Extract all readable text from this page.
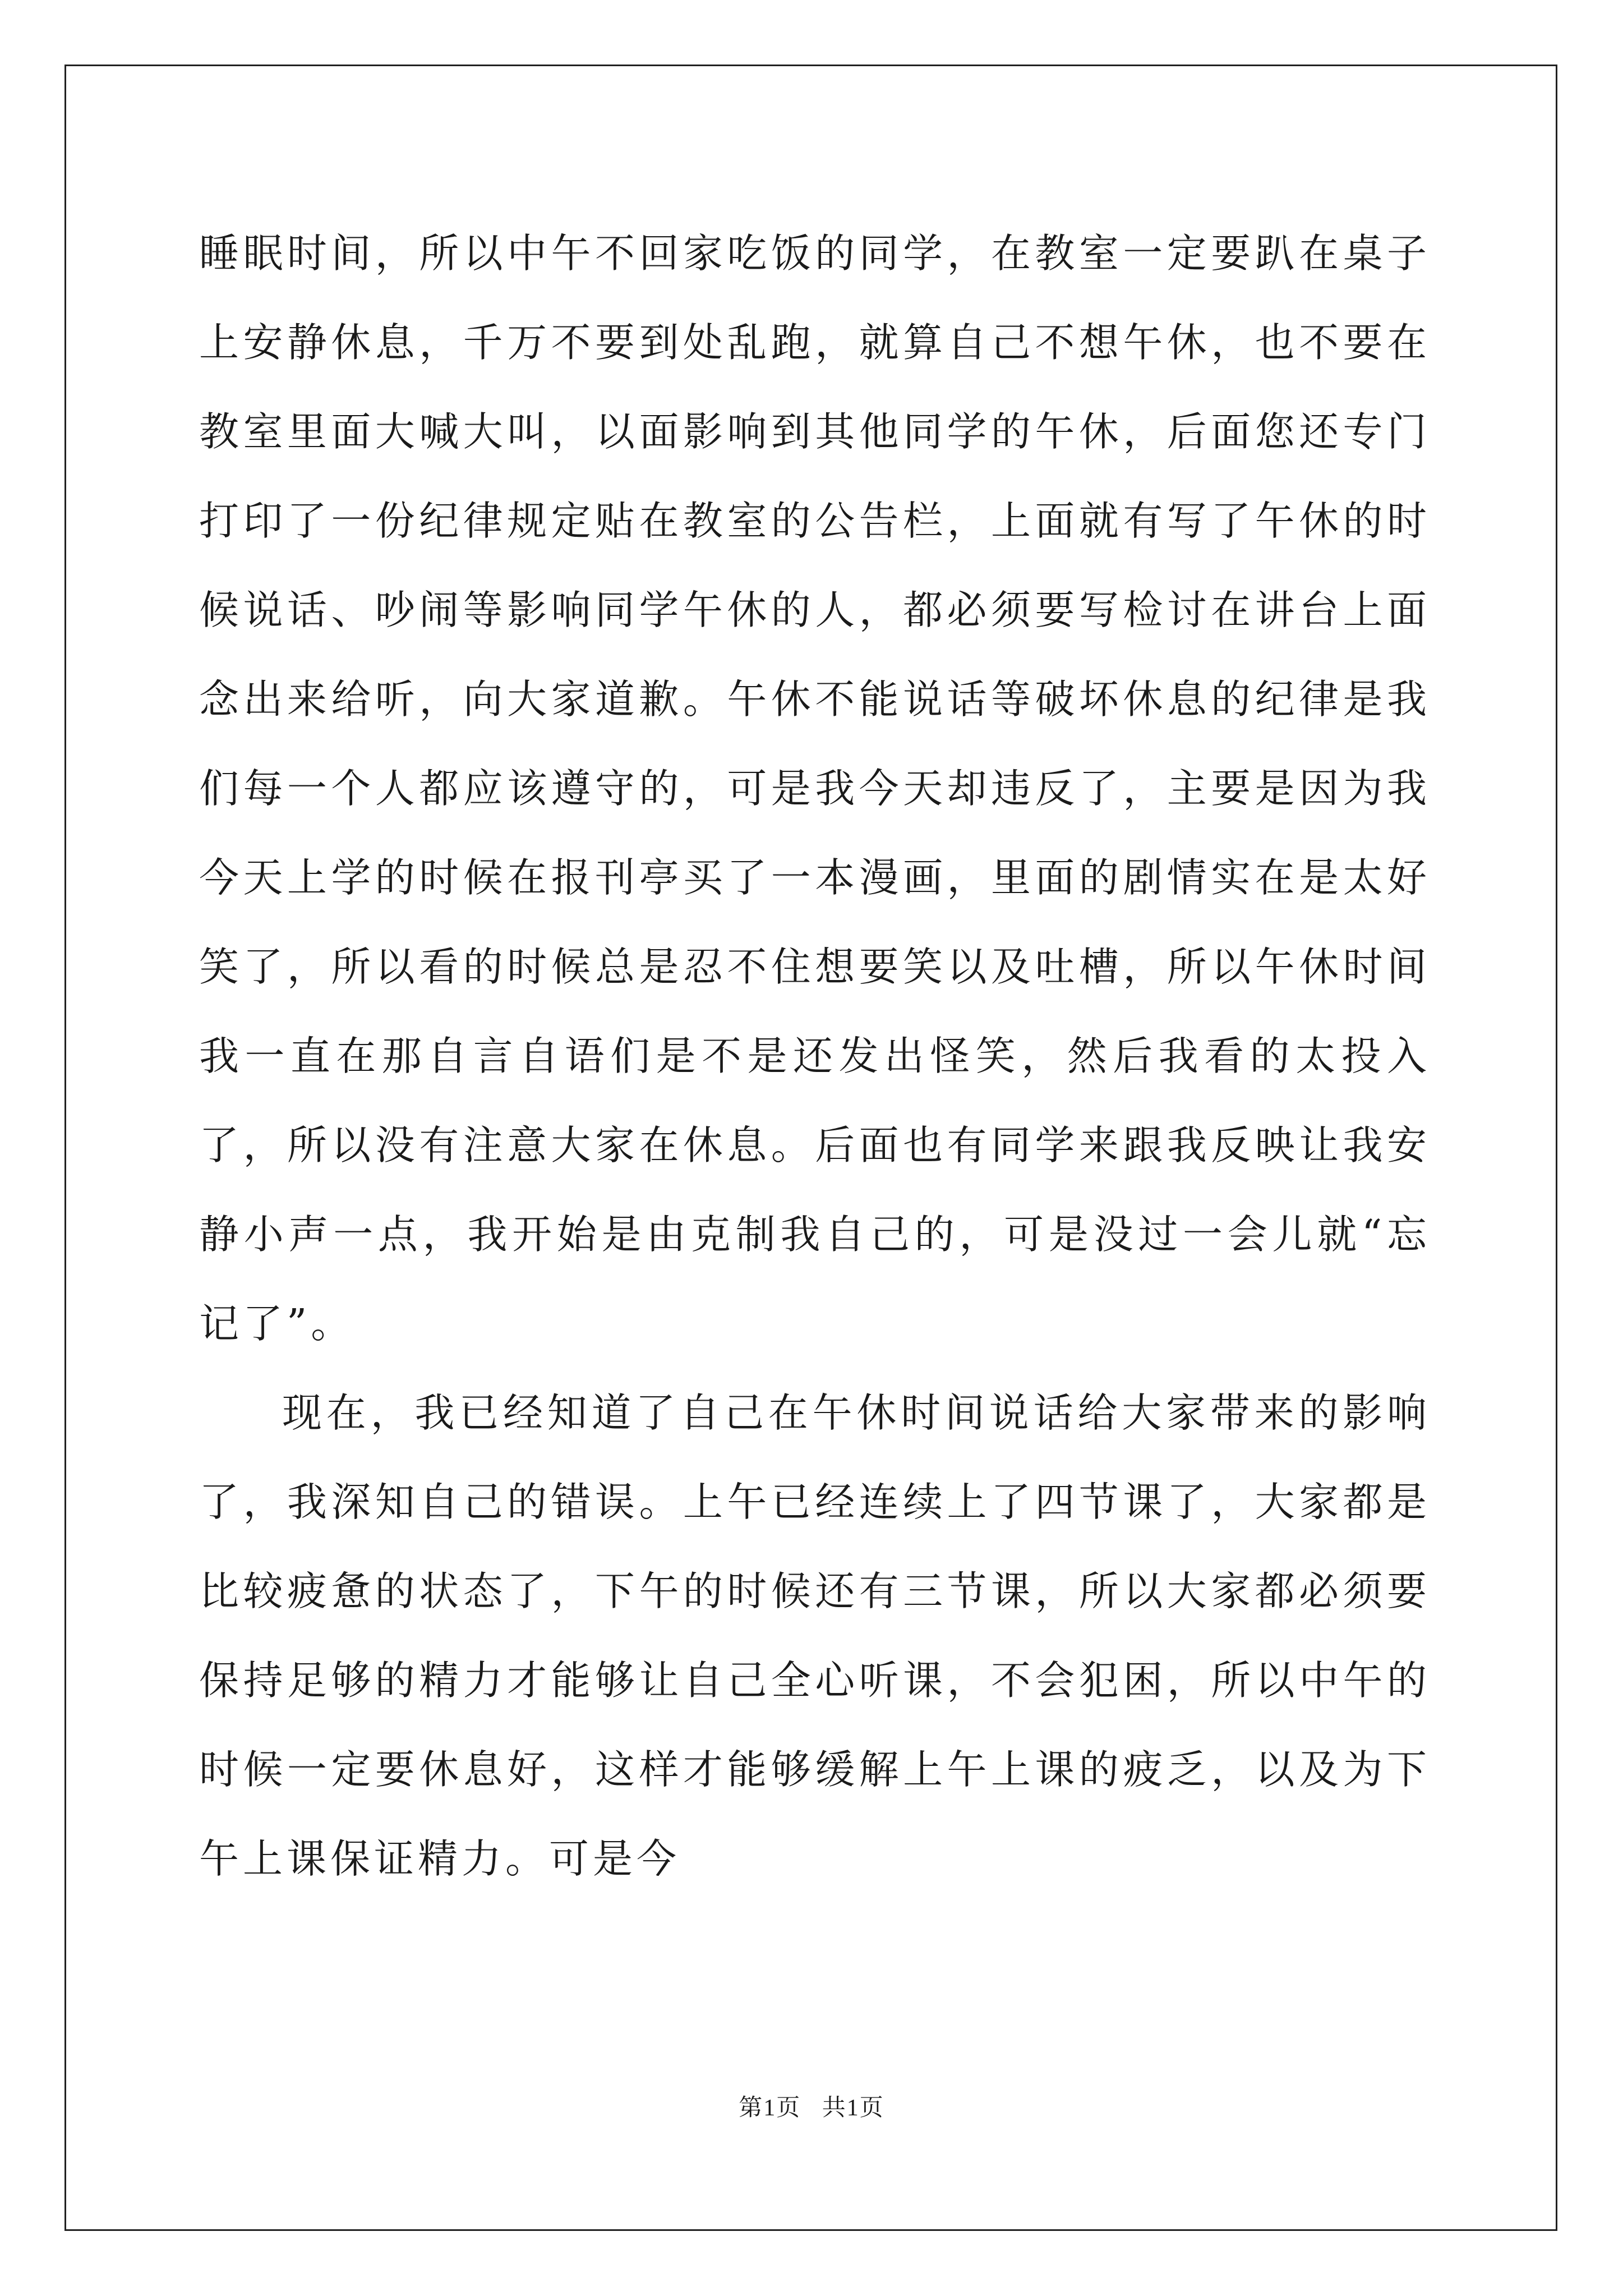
睡眠时间，所以中午不回家吃饭的同学，在教室一定要趴在桌子上安静休息，千万不要到处乱跑，就算自己不想午休，也不要在教室里面大喊大叫，以面影响到其他同学的午休，后面您还专门打印了一份纪律规定贴在教室的公告栏，上面就有写了午休的时候说话、吵闹等影响同学午休的人，都必须要写检讨在讲台上面念出来给听，向大家道歉。午休不能说话等破坏休息的纪律是我们每一个人都应该遵守的，可是我今天却违反了，主要是因为我今天上学的时候在报刊亭买了一本漫画，里面的剧情实在是太好笑了，所以看的时候总是忍不住想要笑以及吐槽，所以午休时间我一直在那自言自语们是不是还发出怪笑，然后我看的太投入了，所以没有注意大家在休息。后面也有同学来跟我反映让我安静小声一点，我开始是由克制我自己的，可是没过一会儿就“忘记了”。

现在，我已经知道了自己在午休时间说话给大家带来的影响了，我深知自己的错误。上午已经连续上了四节课了，大家都是比较疲惫的状态了，下午的时候还有三节课，所以大家都必须要保持足够的精力才能够让自己全心听课，不会犯困，所以中午的时候一定要休息好，这样才能够缓解上午上课的疲乏，以及为下午上课保证精力。可是今

第1页 共1页
